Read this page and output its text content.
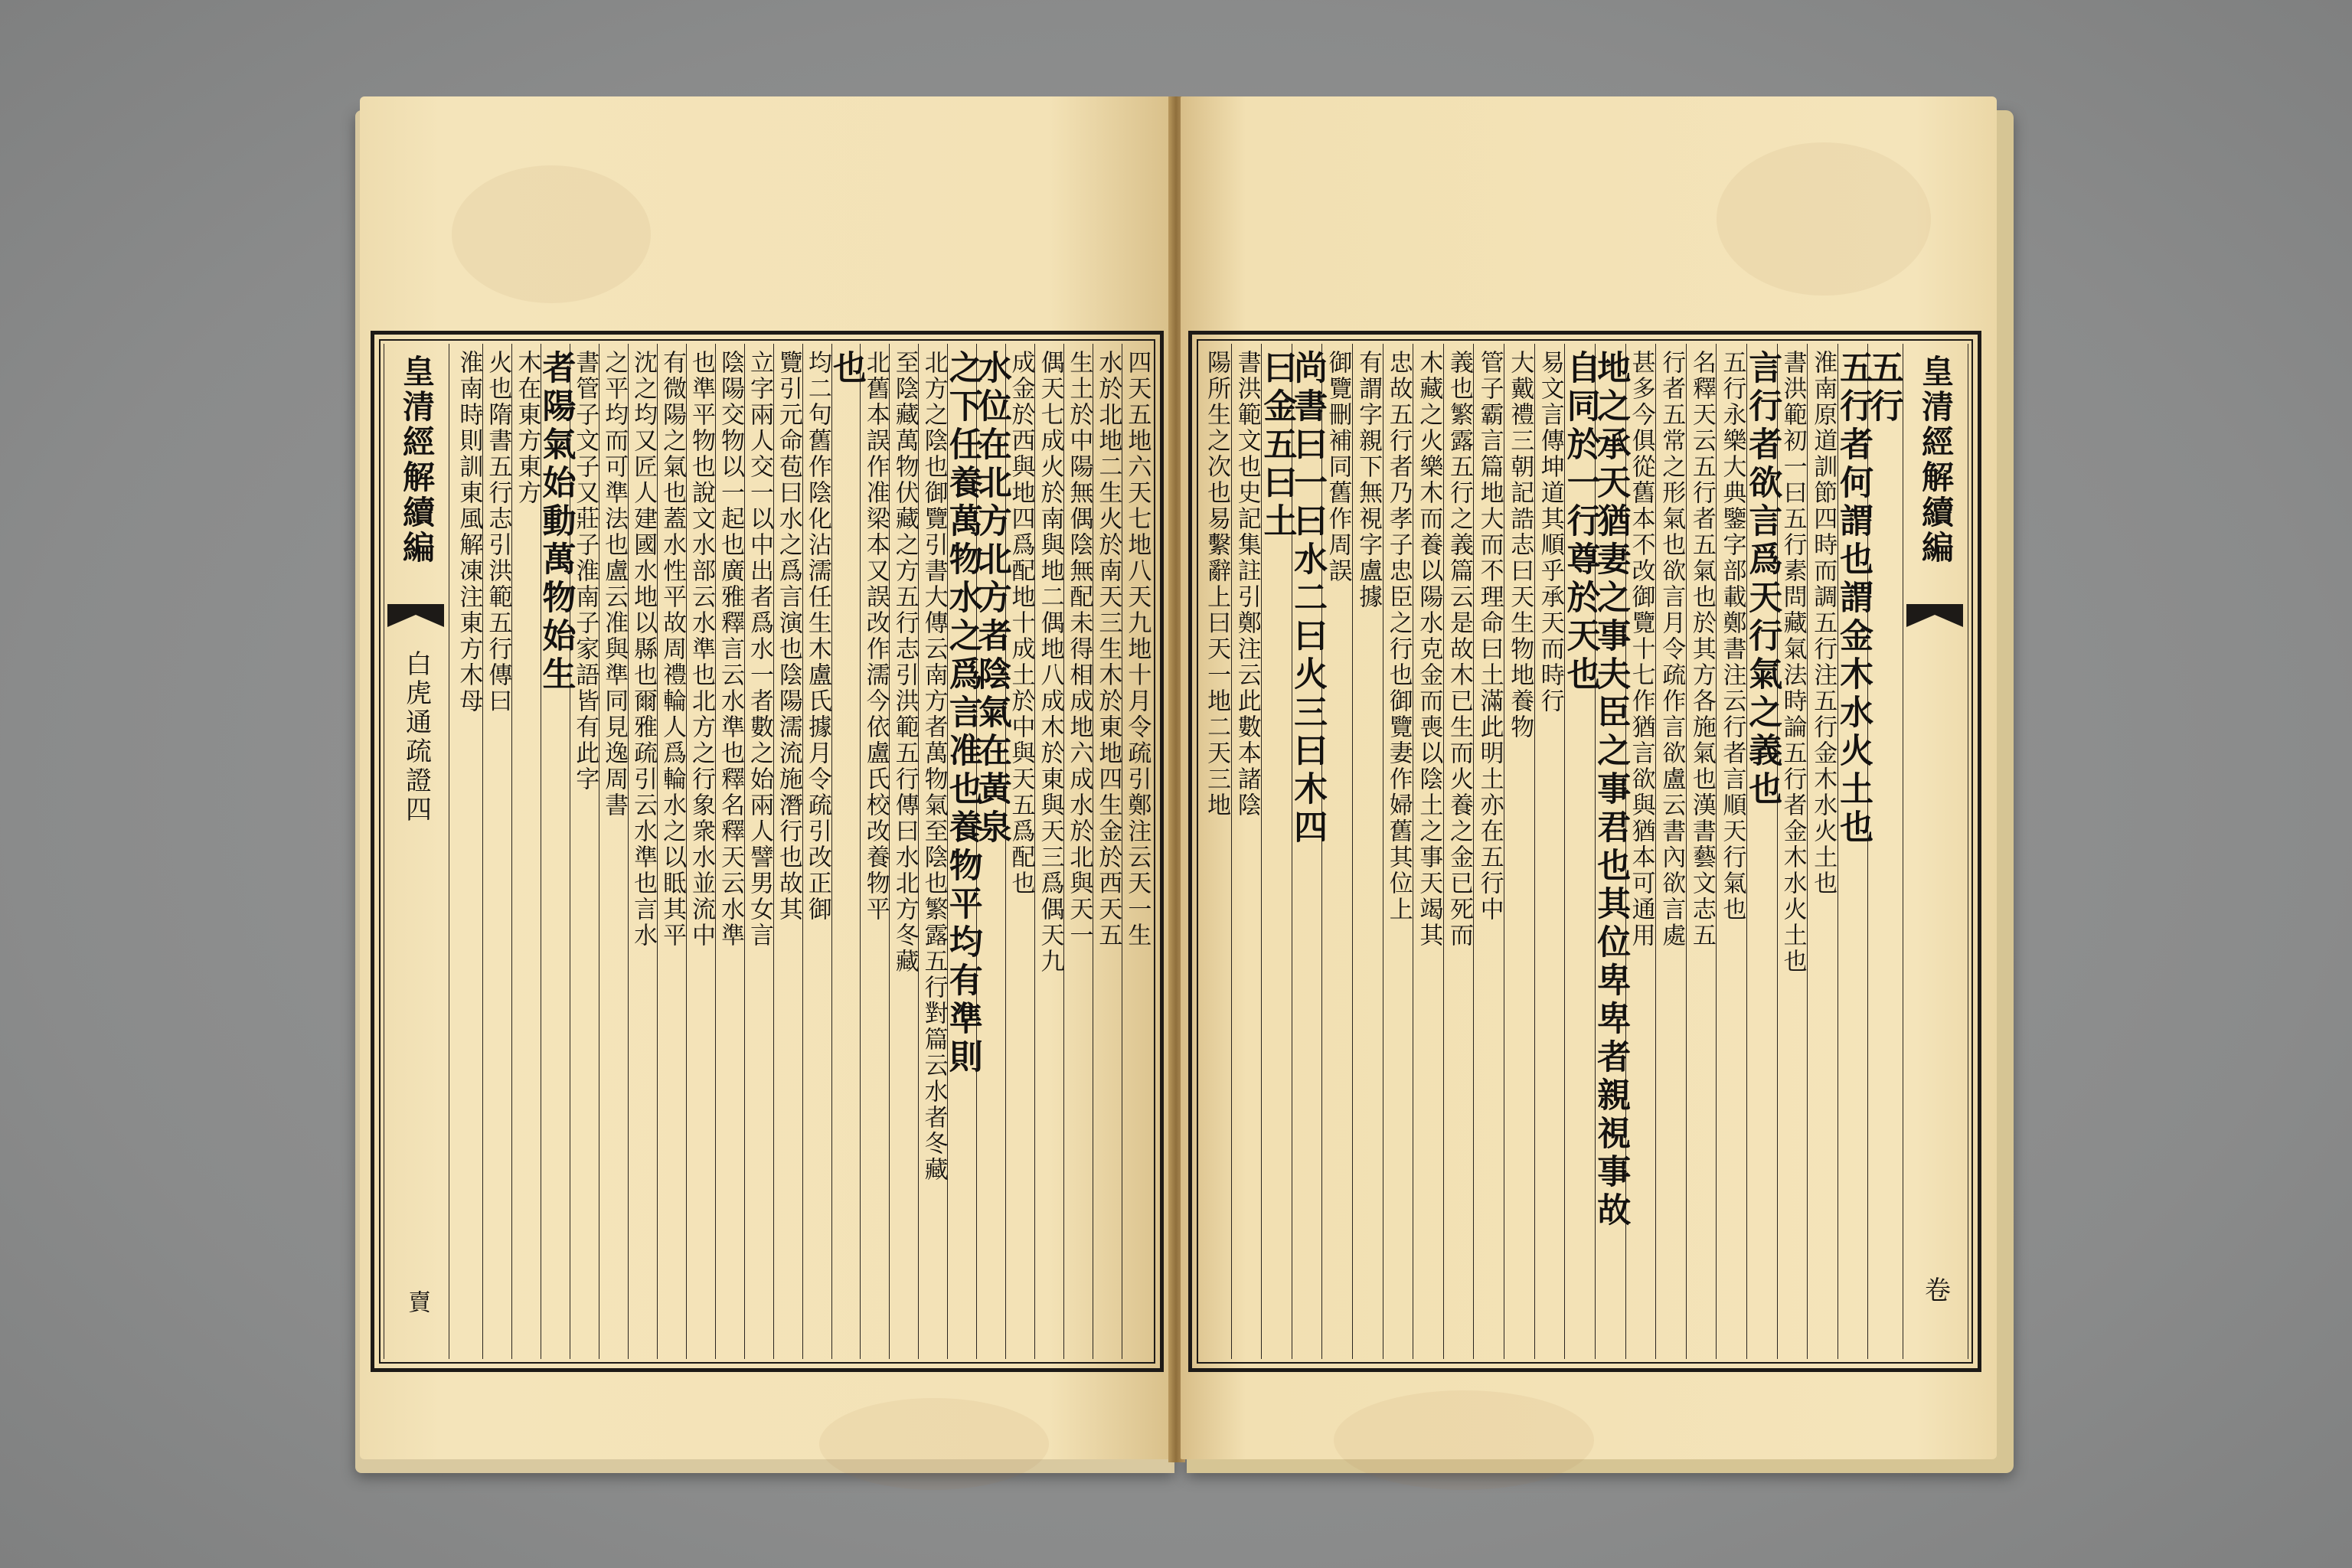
四天五地六天七地八天九地十月令疏引鄭注云天一生
水於北地二生火於南天三生木於東地四生金於西天五
生土於中陽無偶陰無配未得相成地六成水於北與天一
偶天七成火於南與地二偶地八成木於東與天三爲偶天九
成金於西與地四爲配地十成土於中與天五爲配也
水位在北方北方者陰氣在黃泉
之下任養萬物水之爲言准也養物平均有準則
北方之陰也御覽引書大傳云南方者萬物氣至陰也繁露五行對篇云水者冬藏
至陰藏萬物伏藏之方五行志引洪範五行傳曰水北方冬藏
北舊本誤作准梁本又誤改作濡今依盧氏校改養物平
也
均二句舊作陰化沾濡任生木盧氏據月令疏引改正御
覽引元命苞曰水之爲言演也陰陽濡流施潛行也故其
立字兩人交一以中出者爲水一者數之始兩人譬男女言
陰陽交物以一起也廣雅釋言云水準也釋名釋天云水準
也準平物也說文水部云水準也北方之行象衆水並流中
有微陽之氣也蓋水性平故周禮輪人爲輪水之以眡其平
沈之均又匠人建國水地以縣也爾雅疏引云水準也言水
之平均而可準法也盧云准與準同見逸周書
書管子文子又莊子淮南子家語皆有此字
者陽氣始動萬物始生
木在東方東方
火也隋書五行志引洪範五行傳曰
淮南時則訓東風解凍注東方木母
皇清經解續編
白虎通疏證四
𧶠
五行
五行者何謂也謂金木水火土也
淮南原道訓節四時而調五行注五行金木水火土也
書洪範初一曰五行素問藏氣法時論五行者金木水火土也
言行者欲言爲天行氣之義也
五行永樂大典鑒字部載鄭書注云行者言順天行氣也
名釋天云五行者五氣也於其方各施氣也漢書藝文志五
行者五常之形氣也欲言月令疏作言欲盧云書內欲言處
甚多今俱從舊本不改御覽十七作猶言欲與猶本可通用
地之承天猶妻之事夫臣之事君也其位卑卑者親視事故
自同於一行尊於天也
易文言傳坤道其順乎承天而時行
大戴禮三朝記誥志曰天生物地養物
管子霸言篇地大而不理命曰土滿此明土亦在五行中
義也繁露五行之義篇云是故木已生而火養之金已死而
木藏之火樂木而養以陽水克金而喪以陰土之事天竭其
忠故五行者乃孝子忠臣之行也御覽妻作婦舊其位上
有謂字親下無視字盧據
御覽刪補同舊作周誤
尚書曰一曰水二曰火三曰木四
曰金五曰土
書洪範文也史記集註引鄭注云此數本諸陰
陽所生之次也易繫辭上曰天一地二天三地	皇清經解續編
卷
